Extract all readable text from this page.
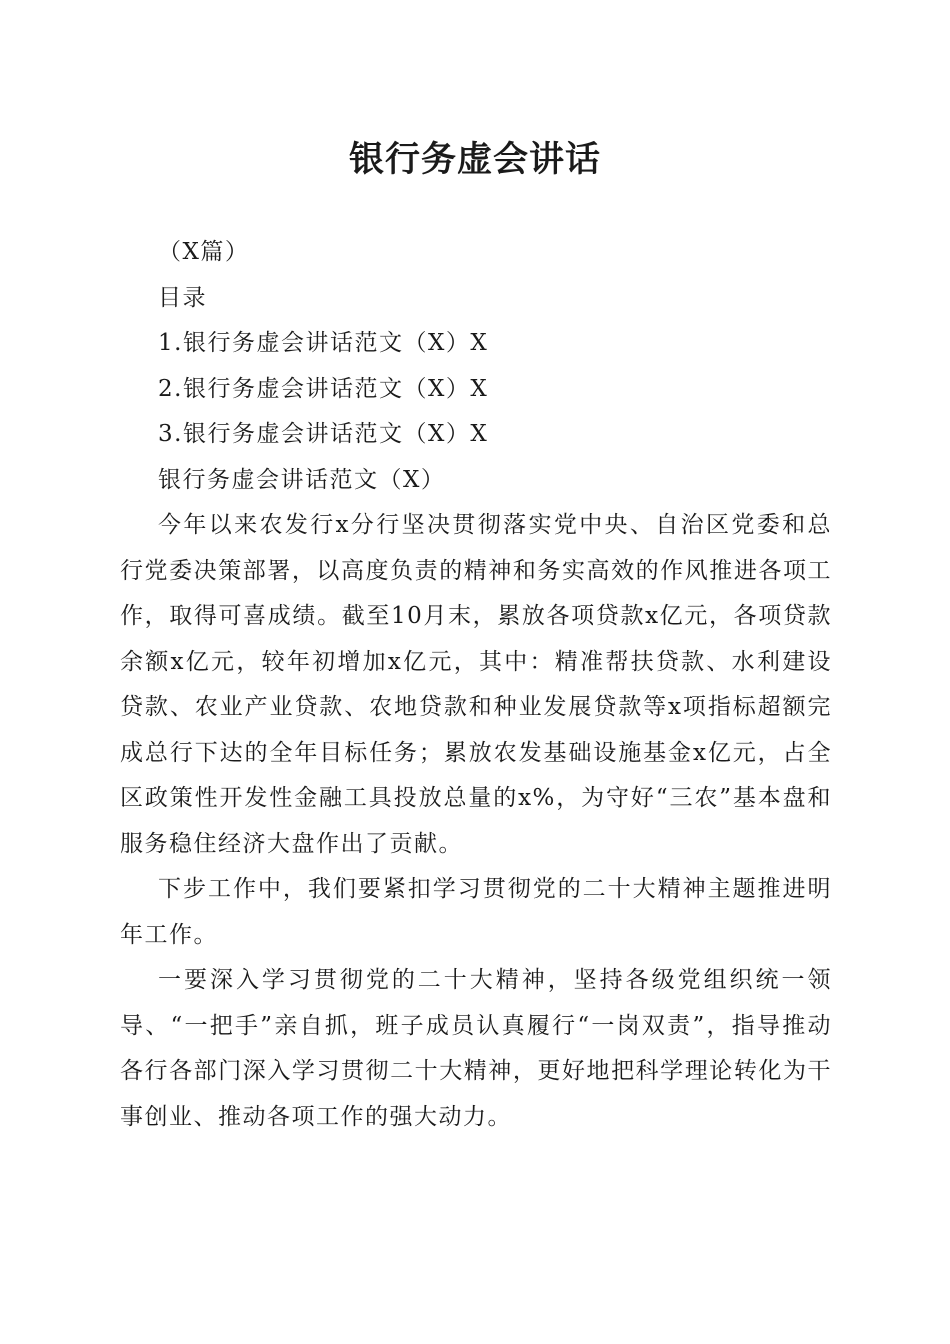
银行务虚会讲话

（X篇）

目录

1.银行务虚会讲话范文（X）X
2.银行务虚会讲话范文（X）X
3.银行务虚会讲话范文（X）X

银行务虚会讲话范文（X）

今年以来农发行x分行坚决贯彻落实党中央、自治区党委和总行党委决策部署，以高度负责的精神和务实高效的作风推进各项工作，取得可喜成绩。截至10月末，累放各项贷款x亿元，各项贷款余额x亿元，较年初增加x亿元，其中：精准帮扶贷款、水利建设贷款、农业产业贷款、农地贷款和种业发展贷款等x项指标超额完成总行下达的全年目标任务；累放农发基础设施基金x亿元，占全区政策性开发性金融工具投放总量的x%，为守好“三农”基本盘和服务稳住经济大盘作出了贡献。

下步工作中，我们要紧扣学习贯彻党的二十大精神主题推进明年工作。

一要深入学习贯彻党的二十大精神，坚持各级党组织统一领导、“一把手”亲自抓，班子成员认真履行“一岗双责”，指导推动各行各部门深入学习贯彻二十大精神，更好地把科学理论转化为干事创业、推动各项工作的强大动力。
